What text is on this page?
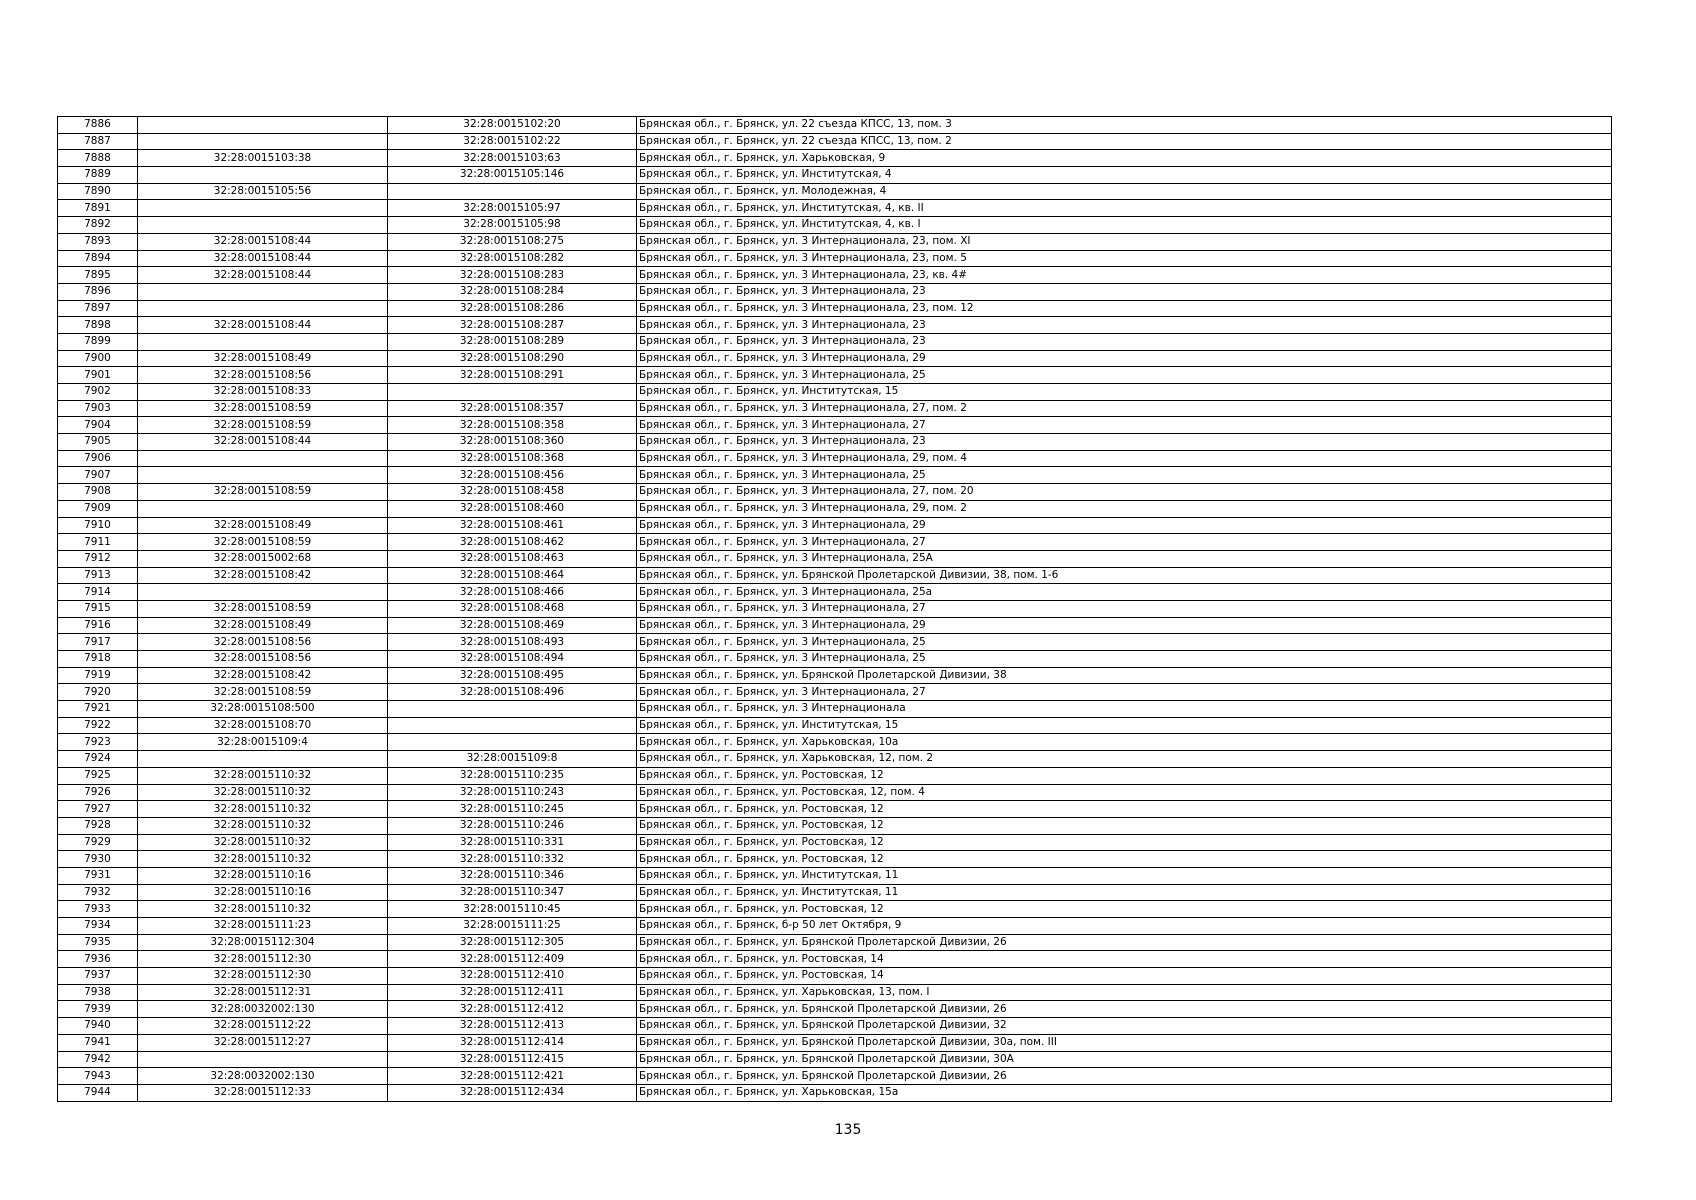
7886		32:28:0015102:20	Брянская обл., г. Брянск, ул. 22 съезда КПСС, 13, пом. 3
7887		32:28:0015102:22	Брянская обл., г. Брянск, ул. 22 съезда КПСС, 13, пом. 2
7888	32:28:0015103:38	32:28:0015103:63	Брянская обл., г. Брянск, ул. Харьковская, 9
7889		32:28:0015105:146	Брянская обл., г. Брянск, ул. Институтская, 4
7890	32:28:0015105:56		Брянская обл., г. Брянск, ул. Молодежная, 4
7891		32:28:0015105:97	Брянская обл., г. Брянск, ул. Институтская, 4, кв. II
7892		32:28:0015105:98	Брянская обл., г. Брянск, ул. Институтская, 4, кв. I
7893	32:28:0015108:44	32:28:0015108:275	Брянская обл., г. Брянск, ул. 3 Интернационала, 23, пом. XI
7894	32:28:0015108:44	32:28:0015108:282	Брянская обл., г. Брянск, ул. 3 Интернационала, 23, пом. 5
7895	32:28:0015108:44	32:28:0015108:283	Брянская обл., г. Брянск, ул. 3 Интернационала, 23, кв. 4#
7896		32:28:0015108:284	Брянская обл., г. Брянск, ул. 3 Интернационала, 23
7897		32:28:0015108:286	Брянская обл., г. Брянск, ул. 3 Интернационала, 23, пом. 12
7898	32:28:0015108:44	32:28:0015108:287	Брянская обл., г. Брянск, ул. 3 Интернационала, 23
7899		32:28:0015108:289	Брянская обл., г. Брянск, ул. 3 Интернационала, 23
7900	32:28:0015108:49	32:28:0015108:290	Брянская обл., г. Брянск, ул. 3 Интернационала, 29
7901	32:28:0015108:56	32:28:0015108:291	Брянская обл., г. Брянск, ул. 3 Интернационала, 25
7902	32:28:0015108:33		Брянская обл., г. Брянск, ул. Институтская, 15
7903	32:28:0015108:59	32:28:0015108:357	Брянская обл., г. Брянск, ул. 3 Интернационала, 27, пом. 2
7904	32:28:0015108:59	32:28:0015108:358	Брянская обл., г. Брянск, ул. 3 Интернационала, 27
7905	32:28:0015108:44	32:28:0015108:360	Брянская обл., г. Брянск, ул. 3 Интернационала, 23
7906		32:28:0015108:368	Брянская обл., г. Брянск, ул. 3 Интернационала, 29, пом. 4
7907		32:28:0015108:456	Брянская обл., г. Брянск, ул. 3 Интернационала, 25
7908	32:28:0015108:59	32:28:0015108:458	Брянская обл., г. Брянск, ул. 3 Интернационала, 27, пом. 20
7909		32:28:0015108:460	Брянская обл., г. Брянск, ул. 3 Интернационала, 29, пом. 2
7910	32:28:0015108:49	32:28:0015108:461	Брянская обл., г. Брянск, ул. 3 Интернационала, 29
7911	32:28:0015108:59	32:28:0015108:462	Брянская обл., г. Брянск, ул. 3 Интернационала, 27
7912	32:28:0015002:68	32:28:0015108:463	Брянская обл., г. Брянск, ул. 3 Интернационала, 25А
7913	32:28:0015108:42	32:28:0015108:464	Брянская обл., г. Брянск, ул. Брянской Пролетарской Дивизии, 38, пом. 1-6
7914		32:28:0015108:466	Брянская обл., г. Брянск, ул. 3 Интернационала, 25а
7915	32:28:0015108:59	32:28:0015108:468	Брянская обл., г. Брянск, ул. 3 Интернационала, 27
7916	32:28:0015108:49	32:28:0015108:469	Брянская обл., г. Брянск, ул. 3 Интернационала, 29
7917	32:28:0015108:56	32:28:0015108:493	Брянская обл., г. Брянск, ул. 3 Интернационала, 25
7918	32:28:0015108:56	32:28:0015108:494	Брянская обл., г. Брянск, ул. 3 Интернационала, 25
7919	32:28:0015108:42	32:28:0015108:495	Брянская обл., г. Брянск, ул. Брянской Пролетарской Дивизии, 38
7920	32:28:0015108:59	32:28:0015108:496	Брянская обл., г. Брянск, ул. 3 Интернационала, 27
7921	32:28:0015108:500		Брянская обл., г. Брянск, ул. 3 Интернационала
7922	32:28:0015108:70		Брянская обл., г. Брянск, ул. Институтская, 15
7923	32:28:0015109:4		Брянская обл., г. Брянск, ул. Харьковская, 10а
7924		32:28:0015109:8	Брянская обл., г. Брянск, ул. Харьковская, 12, пом. 2
7925	32:28:0015110:32	32:28:0015110:235	Брянская обл., г. Брянск, ул. Ростовская, 12
7926	32:28:0015110:32	32:28:0015110:243	Брянская обл., г. Брянск, ул. Ростовская, 12, пом. 4
7927	32:28:0015110:32	32:28:0015110:245	Брянская обл., г. Брянск, ул. Ростовская, 12
7928	32:28:0015110:32	32:28:0015110:246	Брянская обл., г. Брянск, ул. Ростовская, 12
7929	32:28:0015110:32	32:28:0015110:331	Брянская обл., г. Брянск, ул. Ростовская, 12
7930	32:28:0015110:32	32:28:0015110:332	Брянская обл., г. Брянск, ул. Ростовская, 12
7931	32:28:0015110:16	32:28:0015110:346	Брянская обл., г. Брянск, ул. Институтская, 11
7932	32:28:0015110:16	32:28:0015110:347	Брянская обл., г. Брянск, ул. Институтская, 11
7933	32:28:0015110:32	32:28:0015110:45	Брянская обл., г. Брянск, ул. Ростовская, 12
7934	32:28:0015111:23	32:28:0015111:25	Брянская обл., г. Брянск, б-р 50 лет Октября, 9
7935	32:28:0015112:304	32:28:0015112:305	Брянская обл., г. Брянск, ул. Брянской Пролетарской Дивизии, 26
7936	32:28:0015112:30	32:28:0015112:409	Брянская обл., г. Брянск, ул. Ростовская, 14
7937	32:28:0015112:30	32:28:0015112:410	Брянская обл., г. Брянск, ул. Ростовская, 14
7938	32:28:0015112:31	32:28:0015112:411	Брянская обл., г. Брянск, ул. Харьковская, 13, пом. I
7939	32:28:0032002:130	32:28:0015112:412	Брянская обл., г. Брянск, ул. Брянской Пролетарской Дивизии, 26
7940	32:28:0015112:22	32:28:0015112:413	Брянская обл., г. Брянск, ул. Брянской Пролетарской Дивизии, 32
7941	32:28:0015112:27	32:28:0015112:414	Брянская обл., г. Брянск, ул. Брянской Пролетарской Дивизии, 30а, пом. III
7942		32:28:0015112:415	Брянская обл., г. Брянск, ул. Брянской Пролетарской Дивизии, 30А
7943	32:28:0032002:130	32:28:0015112:421	Брянская обл., г. Брянск, ул. Брянской Пролетарской Дивизии, 26
7944	32:28:0015112:33	32:28:0015112:434	Брянская обл., г. Брянск, ул. Харьковская, 15а
135
